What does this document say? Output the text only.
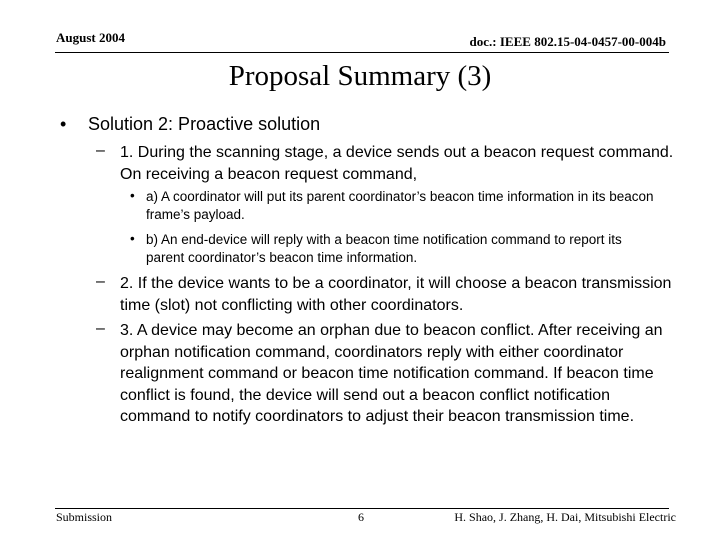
August 2004	doc.: IEEE 802.15-04-0457-00-004b
Proposal Summary (3)
• Solution 2: Proactive solution
– 1. During the scanning stage, a device sends out a beacon request command. On receiving a beacon request command,
• a) A coordinator will put its parent coordinator’s beacon time information in its beacon frame’s payload.
• b) An end-device will reply with a beacon time notification command to report its parent coordinator’s beacon time information.
– 2. If the device wants to be a coordinator, it will choose a beacon transmission time (slot) not conflicting with other coordinators.
– 3. A device may become an orphan due to beacon conflict. After receiving an orphan notification command, coordinators reply with either coordinator realignment command or beacon time notification command. If beacon time conflict is found, the device will send out a beacon conflict notification command to notify coordinators to adjust their beacon transmission time.
Submission	6	H. Shao, J. Zhang, H. Dai, Mitsubishi Electric
